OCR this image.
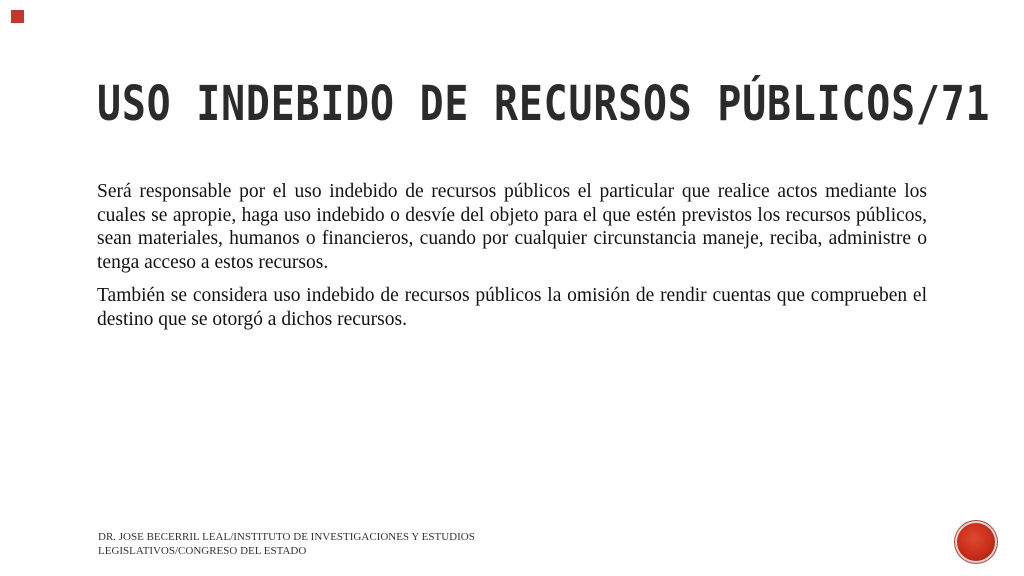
USO INDEBIDO DE RECURSOS PÚBLICOS/71

Será responsable por el uso indebido de recursos públicos el particular que realice actos mediante los cuales se apropie, haga uso indebido o desvíe del objeto para el que estén previstos los recursos públicos, sean materiales, humanos o financieros, cuando por cualquier circunstancia maneje, reciba, administre o tenga acceso a estos recursos.

También se considera uso indebido de recursos públicos la omisión de rendir cuentas que comprueben el destino que se otorgó a dichos recursos.

DR. JOSE BECERRIL LEAL/INSTITUTO DE INVESTIGACIONES Y ESTUDIOS LEGISLATIVOS/CONGRESO DEL ESTADO
